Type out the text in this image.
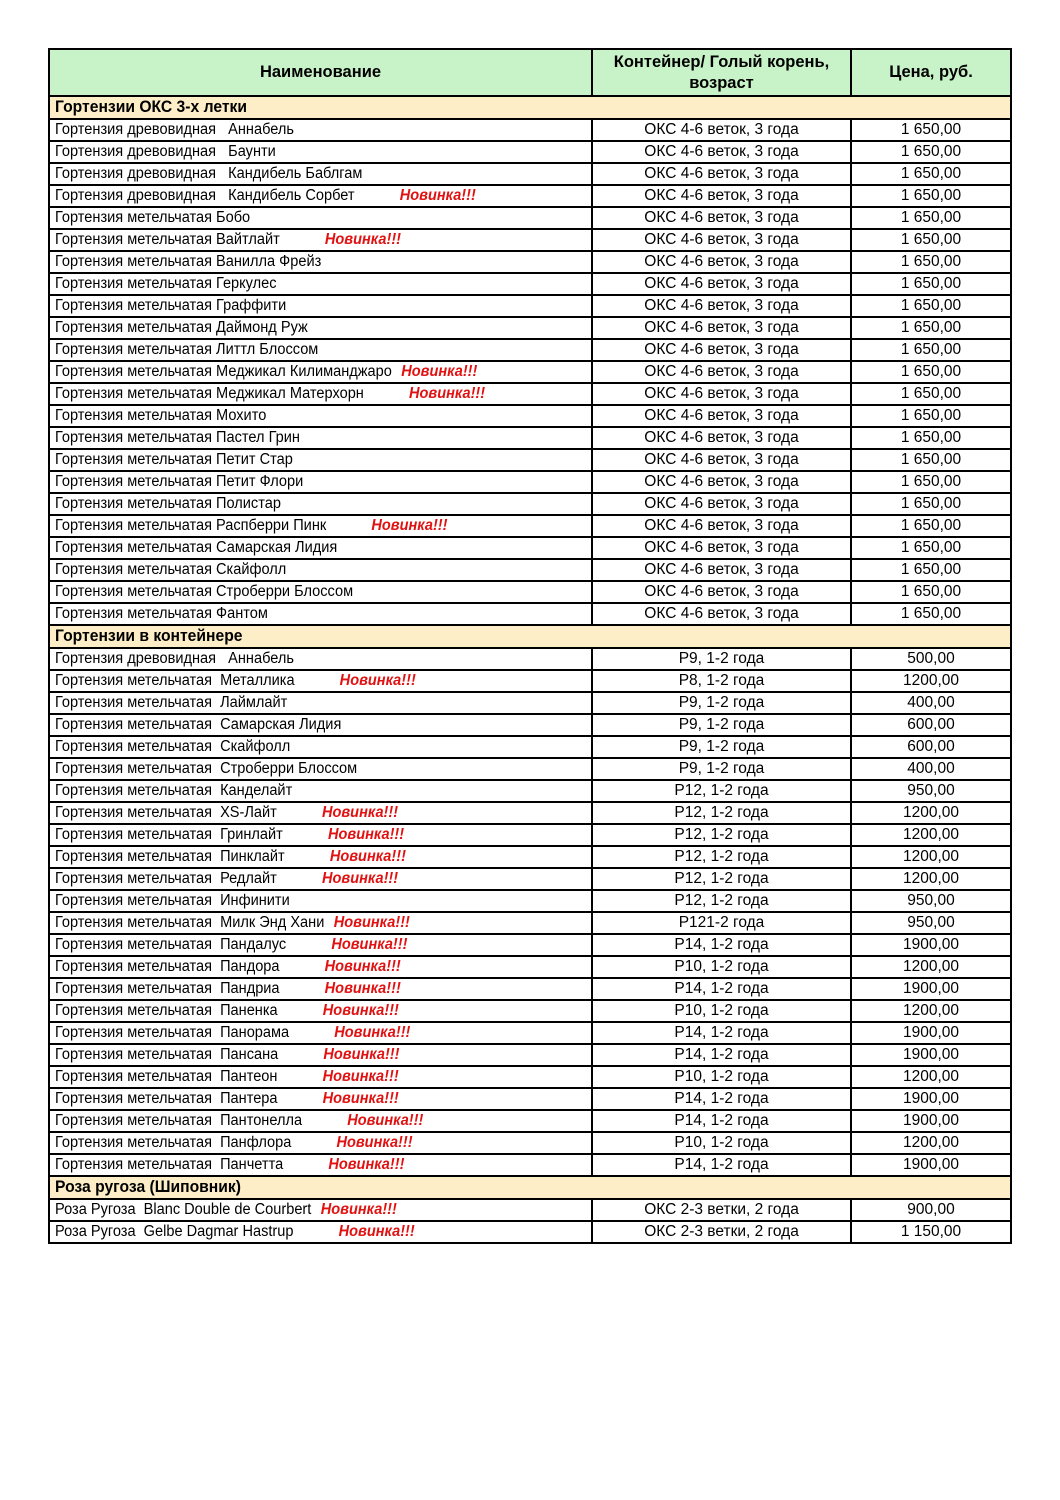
Наименование	Контейнер/ Голый корень, возраст	Цена, руб.
Гортензии ОКС 3-х летки		

Гортензия древовидная   Аннабель	ОКС 4-6 веток, 3 года	1 650,00

Гортензия древовидная   Баунти	ОКС 4-6 веток, 3 года	1 650,00

Гортензия древовидная   Кандибель Баблгам	ОКС 4-6 веток, 3 года	1 650,00

Гортензия древовидная   Кандибель Сорбет Новинка!!!	ОКС 4-6 веток, 3 года	1 650,00

Гортензия метельчатая Бобо	ОКС 4-6 веток, 3 года	1 650,00

Гортензия метельчатая Вайтлайт Новинка!!!	ОКС 4-6 веток, 3 года	1 650,00

Гортензия метельчатая Ванилла Фрейз	ОКС 4-6 веток, 3 года	1 650,00

Гортензия метельчатая Геркулес	ОКС 4-6 веток, 3 года	1 650,00

Гортензия метельчатая Граффити	ОКС 4-6 веток, 3 года	1 650,00

Гортензия метельчатая Даймонд Руж	ОКС 4-6 веток, 3 года	1 650,00

Гортензия метельчатая Литтл Блоссом	ОКС 4-6 веток, 3 года	1 650,00

Гортензия метельчатая Меджикал Килиманджаро Новинка!!!	ОКС 4-6 веток, 3 года	1 650,00

Гортензия метельчатая Меджикал Матерхорн Новинка!!!	ОКС 4-6 веток, 3 года	1 650,00

Гортензия метельчатая Мохито	ОКС 4-6 веток, 3 года	1 650,00

Гортензия метельчатая Пастел Грин	ОКС 4-6 веток, 3 года	1 650,00

Гортензия метельчатая Петит Стар	ОКС 4-6 веток, 3 года	1 650,00

Гортензия метельчатая Петит Флори	ОКС 4-6 веток, 3 года	1 650,00

Гортензия метельчатая Полистар	ОКС 4-6 веток, 3 года	1 650,00

Гортензия метельчатая Распберри Пинк Новинка!!!	ОКС 4-6 веток, 3 года	1 650,00

Гортензия метельчатая Самарская Лидия	ОКС 4-6 веток, 3 года	1 650,00

Гортензия метельчатая Скайфолл	ОКС 4-6 веток, 3 года	1 650,00

Гортензия метельчатая Строберри Блоссом	ОКС 4-6 веток, 3 года	1 650,00

Гортензия метельчатая Фантом	ОКС 4-6 веток, 3 года	1 650,00
Гортензии в контейнере		

Гортензия древовидная   Аннабель	Р9, 1-2 года	500,00

Гортензия метельчатая  Металлика Новинка!!!	Р8, 1-2 года	1200,00

Гортензия метельчатая  Лаймлайт	Р9, 1-2 года	400,00

Гортензия метельчатая  Самарская Лидия	Р9, 1-2 года	600,00

Гортензия метельчатая  Скайфолл	Р9, 1-2 года	600,00

Гортензия метельчатая  Строберри Блоссом	Р9, 1-2 года	400,00

Гортензия метельчатая  Канделайт	Р12, 1-2 года	950,00

Гортензия метельчатая  XS-Лайт Новинка!!!	Р12, 1-2 года	1200,00

Гортензия метельчатая  Гринлайт Новинка!!!	Р12, 1-2 года	1200,00

Гортензия метельчатая  Пинклайт Новинка!!!	Р12, 1-2 года	1200,00

Гортензия метельчатая  Редлайт Новинка!!!	Р12, 1-2 года	1200,00

Гортензия метельчатая  Инфинити	Р12, 1-2 года	950,00

Гортензия метельчатая  Милк Энд Хани Новинка!!!	Р121-2 года	950,00

Гортензия метельчатая  Пандалус Новинка!!!	Р14, 1-2 года	1900,00

Гортензия метельчатая  Пандора Новинка!!!	Р10, 1-2 года	1200,00

Гортензия метельчатая  Пандриа Новинка!!!	Р14, 1-2 года	1900,00

Гортензия метельчатая  Паненка Новинка!!!	Р10, 1-2 года	1200,00

Гортензия метельчатая  Панорама Новинка!!!	Р14, 1-2 года	1900,00

Гортензия метельчатая  Пансана Новинка!!!	Р14, 1-2 года	1900,00

Гортензия метельчатая  Пантеон Новинка!!!	Р10, 1-2 года	1200,00

Гортензия метельчатая  Пантера Новинка!!!	Р14, 1-2 года	1900,00

Гортензия метельчатая  Пантонелла Новинка!!!	Р14, 1-2 года	1900,00

Гортензия метельчатая  Панфлора Новинка!!!	Р10, 1-2 года	1200,00

Гортензия метельчатая  Панчетта Новинка!!!	Р14, 1-2 года	1900,00
Роза ругоза (Шиповник)		

Роза Ругоза  Blanc Double de Courbert Новинка!!!	ОКС 2-3 ветки, 2 года	900,00

Роза Ругоза  Gelbe Dagmar Hastrup Новинка!!!	ОКС 2-3 ветки, 2 года	1 150,00
